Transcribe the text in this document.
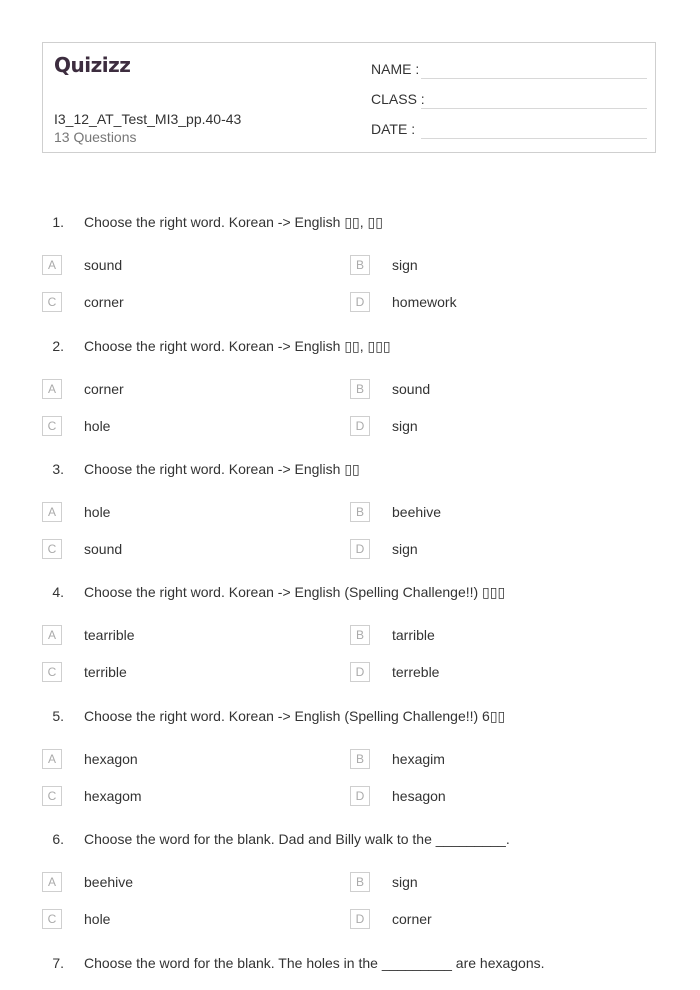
Quizizz
I3_12_AT_Test_MI3_pp.40-43
13 Questions
NAME :
CLASS :
DATE :
1. Choose the right word. Korean -> English ▯▯, ▯▯
A	sound	B	sign
C	corner	D	homework
2. Choose the right word. Korean -> English ▯▯, ▯▯▯
A	corner	B	sound
C	hole	D	sign
3. Choose the right word. Korean -> English ▯▯
A	hole	B	beehive
C	sound	D	sign
4. Choose the right word. Korean -> English (Spelling Challenge!!) ▯▯▯
A	tearrible	B	tarrible
C	terrible	D	terreble
5. Choose the right word. Korean -> English (Spelling Challenge!!) 6▯▯
A	hexagon	B	hexagim
C	hexagom	D	hesagon
6. Choose the word for the blank. Dad and Billy walk to the _________.
A	beehive	B	sign
C	hole	D	corner
7. Choose the word for the blank. The holes in the _________ are hexagons.
